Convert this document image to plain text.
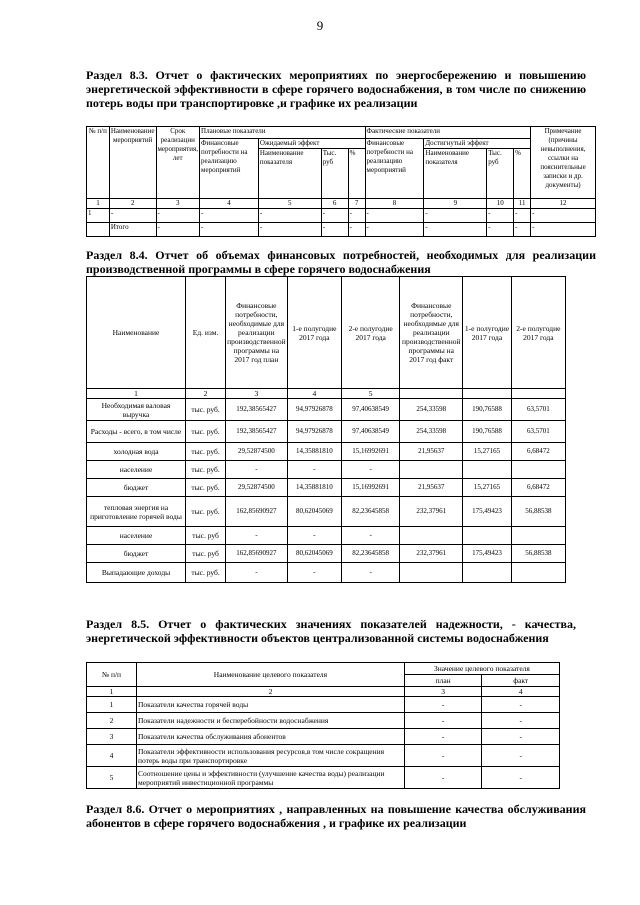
9
Раздел 8.3. Отчет о фактических мероприятиях по энергосбережению и повышению энергетической эффективности в сфере горячего водоснабжения, в том числе по снижению потерь воды при транспортировке ,и графике их реализации
№ п/п	Наименование мероприятий	Срок реализации мероприятия, лет	Плановые показатели				Фактические показатели				Примечание (причины невыполнения, ссылки на пояснительные записки и др. документы)
			Финансовые потребности на реализацию мероприятий	Ожидаемый эффект			Финансовые потребности на реализацию мероприятий	Достигнутый эффект			
				Наименование показателя	Тыс. руб	%		Наименование показателя	Тыс. руб	%	
1	2	3	4	5	6	7	8	9	10	11	12
1	-	-	-	-	-	-	-	-	-	-	-
	Итого	-	-	-	-	-	-	-	-	-	-
Раздел 8.4. Отчет об объемах финансовых потребностей, необходимых для реализации производственной программы в сфере горячего водоснабжения
Наименование	Ед. изм.	Финансовые потребности, необходимые для реализации производственной программы на 2017 год план	1-е полугодие 2017 года	2-е полугодие 2017 года	Финансовые потребности, необходимые для реализации производственной программы на 2017 год факт	1-е полугодие 2017 года	2-е полугодие 2017 года
1	2	3	4	5			
Необходимая валовая выручка	тыс. руб.	192,38565427	94,97926878	97,40638549	254,33598	190,76588	63,5701
Расходы - всего, в том числе	тыс. руб.	192,38565427	94,97926878	97,40638549	254,33598	190,76588	63,5701
холодная вода	тыс. руб.	29,52874500	14,35881810	15,16992691	21,95637	15,27165	6,68472
население	тыс. руб.	-	-	-			
бюджет	тыс. руб.	29,52874500	14,35881810	15,16992691	21,95637	15,27165	6,68472
тепловая энергия на приготовление горячей воды	тыс. руб.	162,85690927	80,62045069	82,23645858	232,37961	175,49423	56,88538
население	тыс. руб	-	-	-			
бюджет	тыс. руб	162,85690927	80,62045069	82,23645858	232,37961	175,49423	56,88538
Выпадающие доходы	тыс. руб.	-	-	-			
Раздел 8.5. Отчет о фактических значениях показателей надежности, - качества, энергетической эффективности объектов централизованной системы водоснабжения
№ п/п	Наименование целевого показателя	Значение целевого показателя	
		план	факт
1	2	3	4
1	Показатели качества горячей воды	-	-
2	Показатели надежности и бесперебойности водоснабжения	-	-
3	Показатели качества обслуживания абонентов	-	-
4	Показатели эффективности использования ресурсов,в том числе сокращения потерь воды при транспортировке	-	-
5	Соотношение цены и эффективности (улучшение качества воды) реализации мероприятий инвестиционной программы	-	-
Раздел 8.6. Отчет о мероприятиях , направленных на повышение качества обслуживания абонентов в сфере горячего водоснабжения , и графике их реализации
